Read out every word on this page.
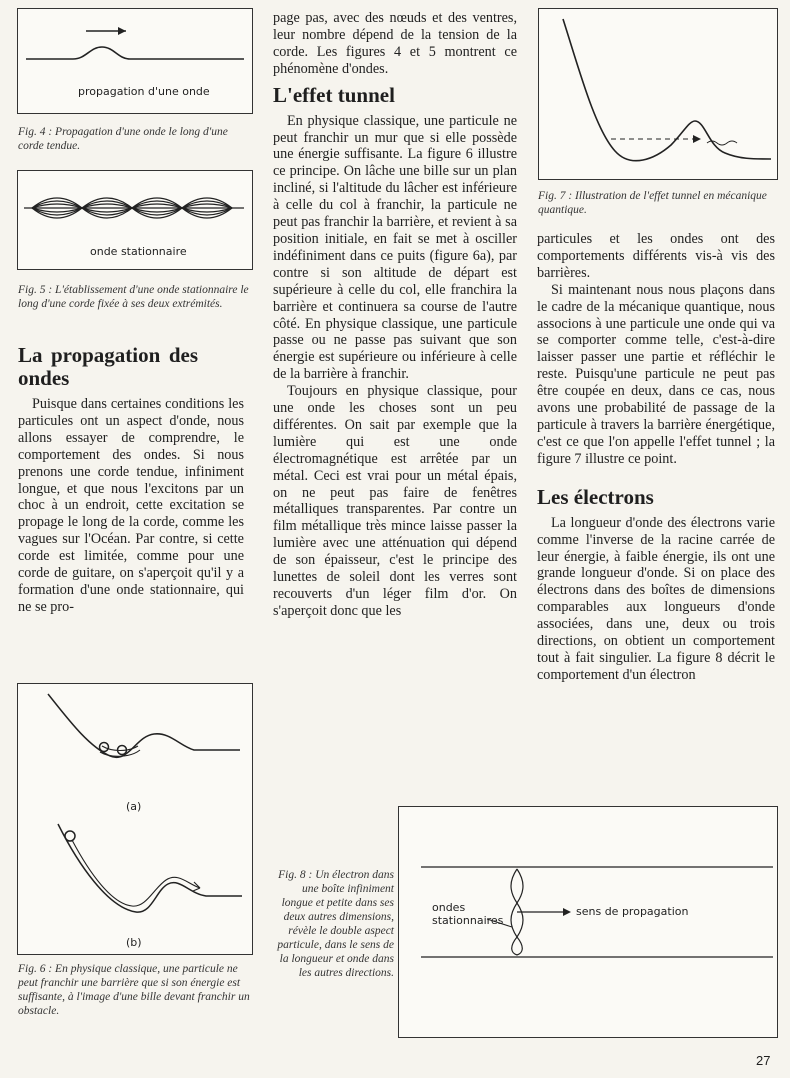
propagation d'une onde
Fig. 4 : Propagation d'une onde le long d'une corde tendue.
onde stationnaire
Fig. 5 : L'établissement d'une onde stationnaire le long d'une corde fixée à ses deux extrémités.
La propagation des ondes

Puisque dans certaines conditions les particules ont un aspect d'onde, nous allons essayer de comprendre, le comportement des ondes. Si nous prenons une corde tendue, infiniment longue, et que nous l'excitons par un choc à un endroit, cette excitation se propage le long de la corde, comme les vagues sur l'Océan. Par contre, si cette corde est limitée, comme pour une corde de guitare, on s'aperçoit qu'il y a formation d'une onde stationnaire, qui ne se pro-

(a)
(b)
Fig. 6 : En physique classique, une particule ne peut franchir une barrière que si son énergie est suffisante, à l'image d'une bille devant franchir un obstacle.

page pas, avec des nœuds et des ventres, leur nombre dépend de la tension de la corde. Les figures 4 et 5 montrent ce phénomène d'ondes.

L'effet tunnel

En physique classique, une particule ne peut franchir un mur que si elle possède une énergie suffisante. La figure 6 illustre ce principe. On lâche une bille sur un plan incliné, si l'altitude du lâcher est inférieure à celle du col à franchir, la particule ne peut pas franchir la barrière, et revient à sa position initiale, en fait se met à osciller indéfiniment dans ce puits (figure 6a), par contre si son altitude de départ est supérieure à celle du col, elle franchira la barrière et continuera sa course de l'autre côté. En physique classique, une particule passe ou ne passe pas suivant que son énergie est supérieure ou inférieure à celle de la barrière à franchir.

Toujours en physique classique, pour une onde les choses sont un peu différentes. On sait par exemple que la lumière qui est une onde électromagnétique est arrêtée par un métal. Ceci est vrai pour un métal épais, on ne peut pas faire de fenêtres métalliques transparentes. Par contre un film métallique très mince laisse passer la lumière avec une atténuation qui dépend de son épaisseur, c'est le principe des lunettes de soleil dont les verres sont recouverts d'un léger film d'or. On s'aperçoit donc que les

Fig. 7 : Illustration de l'effet tunnel en mécanique quantique.

particules et les ondes ont des comportements différents vis-à vis des barrières.

Si maintenant nous nous plaçons dans le cadre de la mécanique quantique, nous associons à une particule une onde qui va se comporter comme telle, c'est-à-dire laisser passer une partie et réfléchir le reste. Puisqu'une particule ne peut pas être coupée en deux, dans ce cas, nous avons une probabilité de passage de la particule à travers la barrière énergétique, c'est ce que l'on appelle l'effet tunnel ; la figure 7 illustre ce point.

Les électrons

La longueur d'onde des électrons varie comme l'inverse de la racine carrée de leur énergie, à faible énergie, ils ont une grande longueur d'onde. Si on place des électrons dans des boîtes de dimensions comparables aux longueurs d'onde associées, dans une, deux ou trois directions, on obtient un comportement tout à fait singulier. La figure 8 décrit le comportement d'un électron

Fig. 8 : Un électron dans une boîte infiniment longue et petite dans ses deux autres dimensions, révèle le double aspect particule, dans le sens de la longueur et onde dans les autres directions.
ondes
stationnaires
sens de propagation
27
